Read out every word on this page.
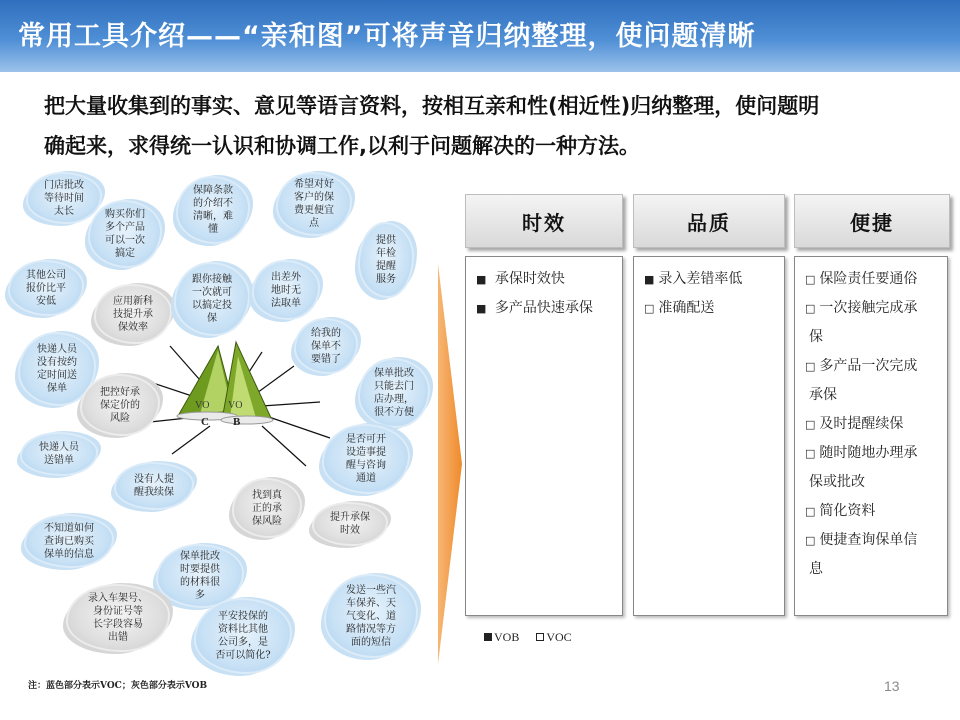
常用工具介绍——“亲和图”可将声音归纳整理，使问题清晰
把大量收集到的事实、意见等语言资料，按相互亲和性(相近性)归纳整理，使问题明
确起来，求得统一认识和协调工作,以利于问题解决的一种方法。
VO VO
C B
门店批改
等待时间
太长	购买你们
多个产品
可以一次
搞定
保障条款
的介绍不
清晰，难
懂
希望对好
客户的保
费更便宜
点
提供
年检
提醒
服务
其他公司
报价比平
安低	应用新科
技提升承
保效率
跟你接触
一次就可
以搞定投
保
出差外
地时无
法取单
给我的
保单不
要错了
快递人员
没有按约
定时间送
保单	把控好承
保定价的
风险
保单批改
只能去门
店办理，
很不方便
快递人员
送错单
是否可开
设造事提
醒与咨询
通道
没有人提
醒我续保	找到真
正的承
保风险	提升承保
时效
不知道如何
查询已购买
保单的信息	保单批改
时要提供
的材料很
多
录入车架号、
身份证号等
长字段容易
出错
平安投保的
资料比其他
公司多，是
否可以简化?
发送一些汽
车保养、天
气变化、道
路情况等方
面的短信
注：蓝色部分表示VOC；灰色部分表示VOB
时效	品质	便捷
■ 承保时效快
■ 多产品快速承保
■ 录入差错率低
□ 准确配送
□ 保险责任要通俗
□ 一次接触完成承
保
□ 多产品一次完成
承保
□ 及时提醒续保
□ 随时随地办理承
保或批改
□ 简化资料
□ 便捷查询保单信
息
VOB VOC
13
